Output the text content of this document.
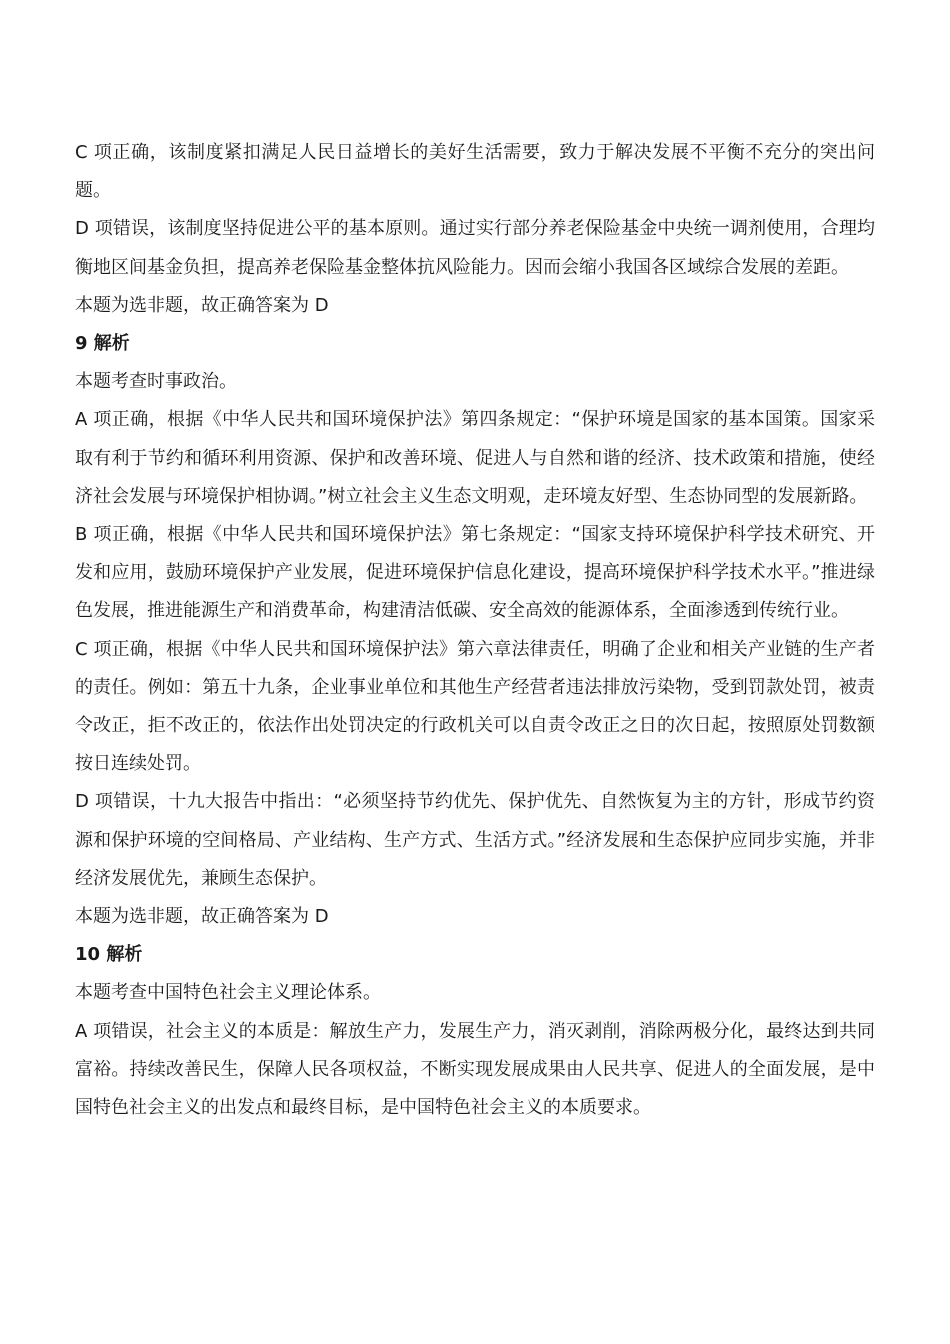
C 项正确，该制度紧扣满足人民日益增长的美好生活需要，致力于解决发展不平衡不充分的突出问题。

D 项错误，该制度坚持促进公平的基本原则。通过实行部分养老保险基金中央统一调剂使用，合理均衡地区间基金负担，提高养老保险基金整体抗风险能力。因而会缩小我国各区域综合发展的差距。

本题为选非题，故正确答案为 D

9 解析

本题考查时事政治。

A 项正确，根据《中华人民共和国环境保护法》第四条规定：“保护环境是国家的基本国策。国家采取有利于节约和循环利用资源、保护和改善环境、促进人与自然和谐的经济、技术政策和措施，使经济社会发展与环境保护相协调。”树立社会主义生态文明观，走环境友好型、生态协同型的发展新路。

B 项正确，根据《中华人民共和国环境保护法》第七条规定：“国家支持环境保护科学技术研究、开发和应用，鼓励环境保护产业发展，促进环境保护信息化建设，提高环境保护科学技术水平。”推进绿色发展，推进能源生产和消费革命，构建清洁低碳、安全高效的能源体系，全面渗透到传统行业。

C 项正确，根据《中华人民共和国环境保护法》第六章法律责任，明确了企业和相关产业链的生产者的责任。例如：第五十九条，企业事业单位和其他生产经营者违法排放污染物，受到罚款处罚，被责令改正，拒不改正的，依法作出处罚决定的行政机关可以自责令改正之日的次日起，按照原处罚数额按日连续处罚。

D 项错误，十九大报告中指出：“必须坚持节约优先、保护优先、自然恢复为主的方针，形成节约资源和保护环境的空间格局、产业结构、生产方式、生活方式。”经济发展和生态保护应同步实施，并非经济发展优先，兼顾生态保护。

本题为选非题，故正确答案为 D

10 解析

本题考查中国特色社会主义理论体系。

A 项错误，社会主义的本质是：解放生产力，发展生产力，消灭剥削，消除两极分化，最终达到共同富裕。持续改善民生，保障人民各项权益，不断实现发展成果由人民共享、促进人的全面发展，是中国特色社会主义的出发点和最终目标，是中国特色社会主义的本质要求。
